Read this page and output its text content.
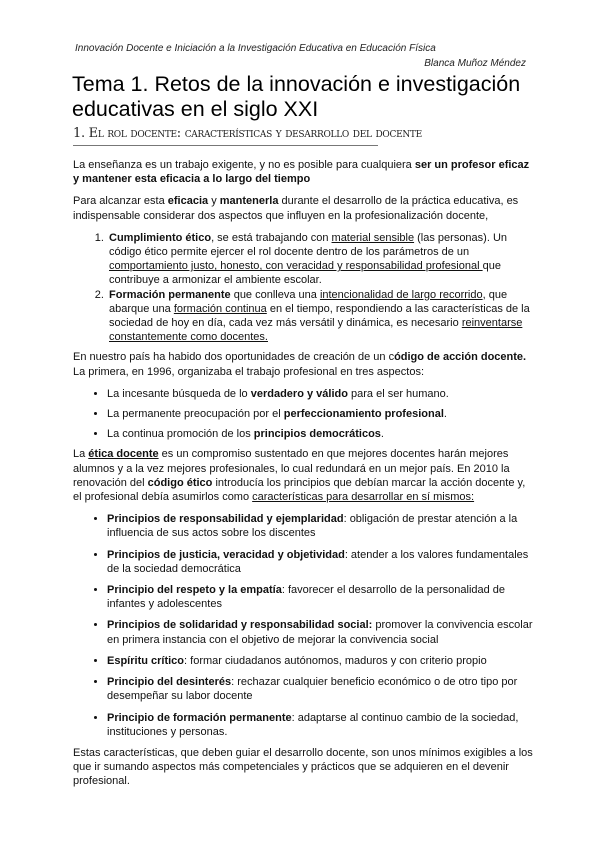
Innovación Docente e Iniciación a la Investigación Educativa en Educación Física
Blanca Muñoz Méndez
Tema 1. Retos de la innovación e investigación educativas en el siglo XXI
1. El rol docente: características y desarrollo del docente

La enseñanza es un trabajo exigente, y no es posible para cualquiera ser un profesor eficaz y mantener esta eficacia a lo largo del tiempo

Para alcanzar esta eficacia y mantenerla durante el desarrollo de la práctica educativa, es indispensable considerar dos aspectos que influyen en la profesionalización docente,

1. Cumplimiento ético, se está trabajando con material sensible (las personas). Un código ético permite ejercer el rol docente dentro de los parámetros de un comportamiento justo, honesto, con veracidad y responsabilidad profesional que contribuye a armonizar el ambiente escolar.
2. Formación permanente que conlleva una intencionalidad de largo recorrido, que abarque una formación continua en el tiempo, respondiendo a las características de la sociedad de hoy en día, cada vez más versátil y dinámica, es necesario reinventarse constantemente como docentes.

En nuestro país ha habido dos oportunidades de creación de un código de acción docente. La primera, en 1996, organizaba el trabajo profesional en tres aspectos:

• La incesante búsqueda de lo verdadero y válido para el ser humano.
• La permanente preocupación por el perfeccionamiento profesional.
• La continua promoción de los principios democráticos.

La ética docente es un compromiso sustentado en que mejores docentes harán mejores alumnos y a la vez mejores profesionales, lo cual redundará en un mejor país. En 2010 la renovación del código ético introducía los principios que debían marcar la acción docente y, el profesional debía asumirlos como características para desarrollar en sí mismos:

• Principios de responsabilidad y ejemplaridad: obligación de prestar atención a la influencia de sus actos sobre los discentes
• Principios de justicia, veracidad y objetividad: atender a los valores fundamentales de la sociedad democrática
• Principio del respeto y la empatía: favorecer el desarrollo de la personalidad de infantes y adolescentes
• Principios de solidaridad y responsabilidad social: promover la convivencia escolar en primera instancia con el objetivo de mejorar la convivencia social
• Espíritu crítico: formar ciudadanos autónomos, maduros y con criterio propio
• Principio del desinterés: rechazar cualquier beneficio económico o de otro tipo por desempeñar su labor docente
• Principio de formación permanente: adaptarse al continuo cambio de la sociedad, instituciones y personas.

Estas características, que deben guiar el desarrollo docente, son unos mínimos exigibles a los que ir sumando aspectos más competenciales y prácticos que se adquieren en el devenir profesional.
